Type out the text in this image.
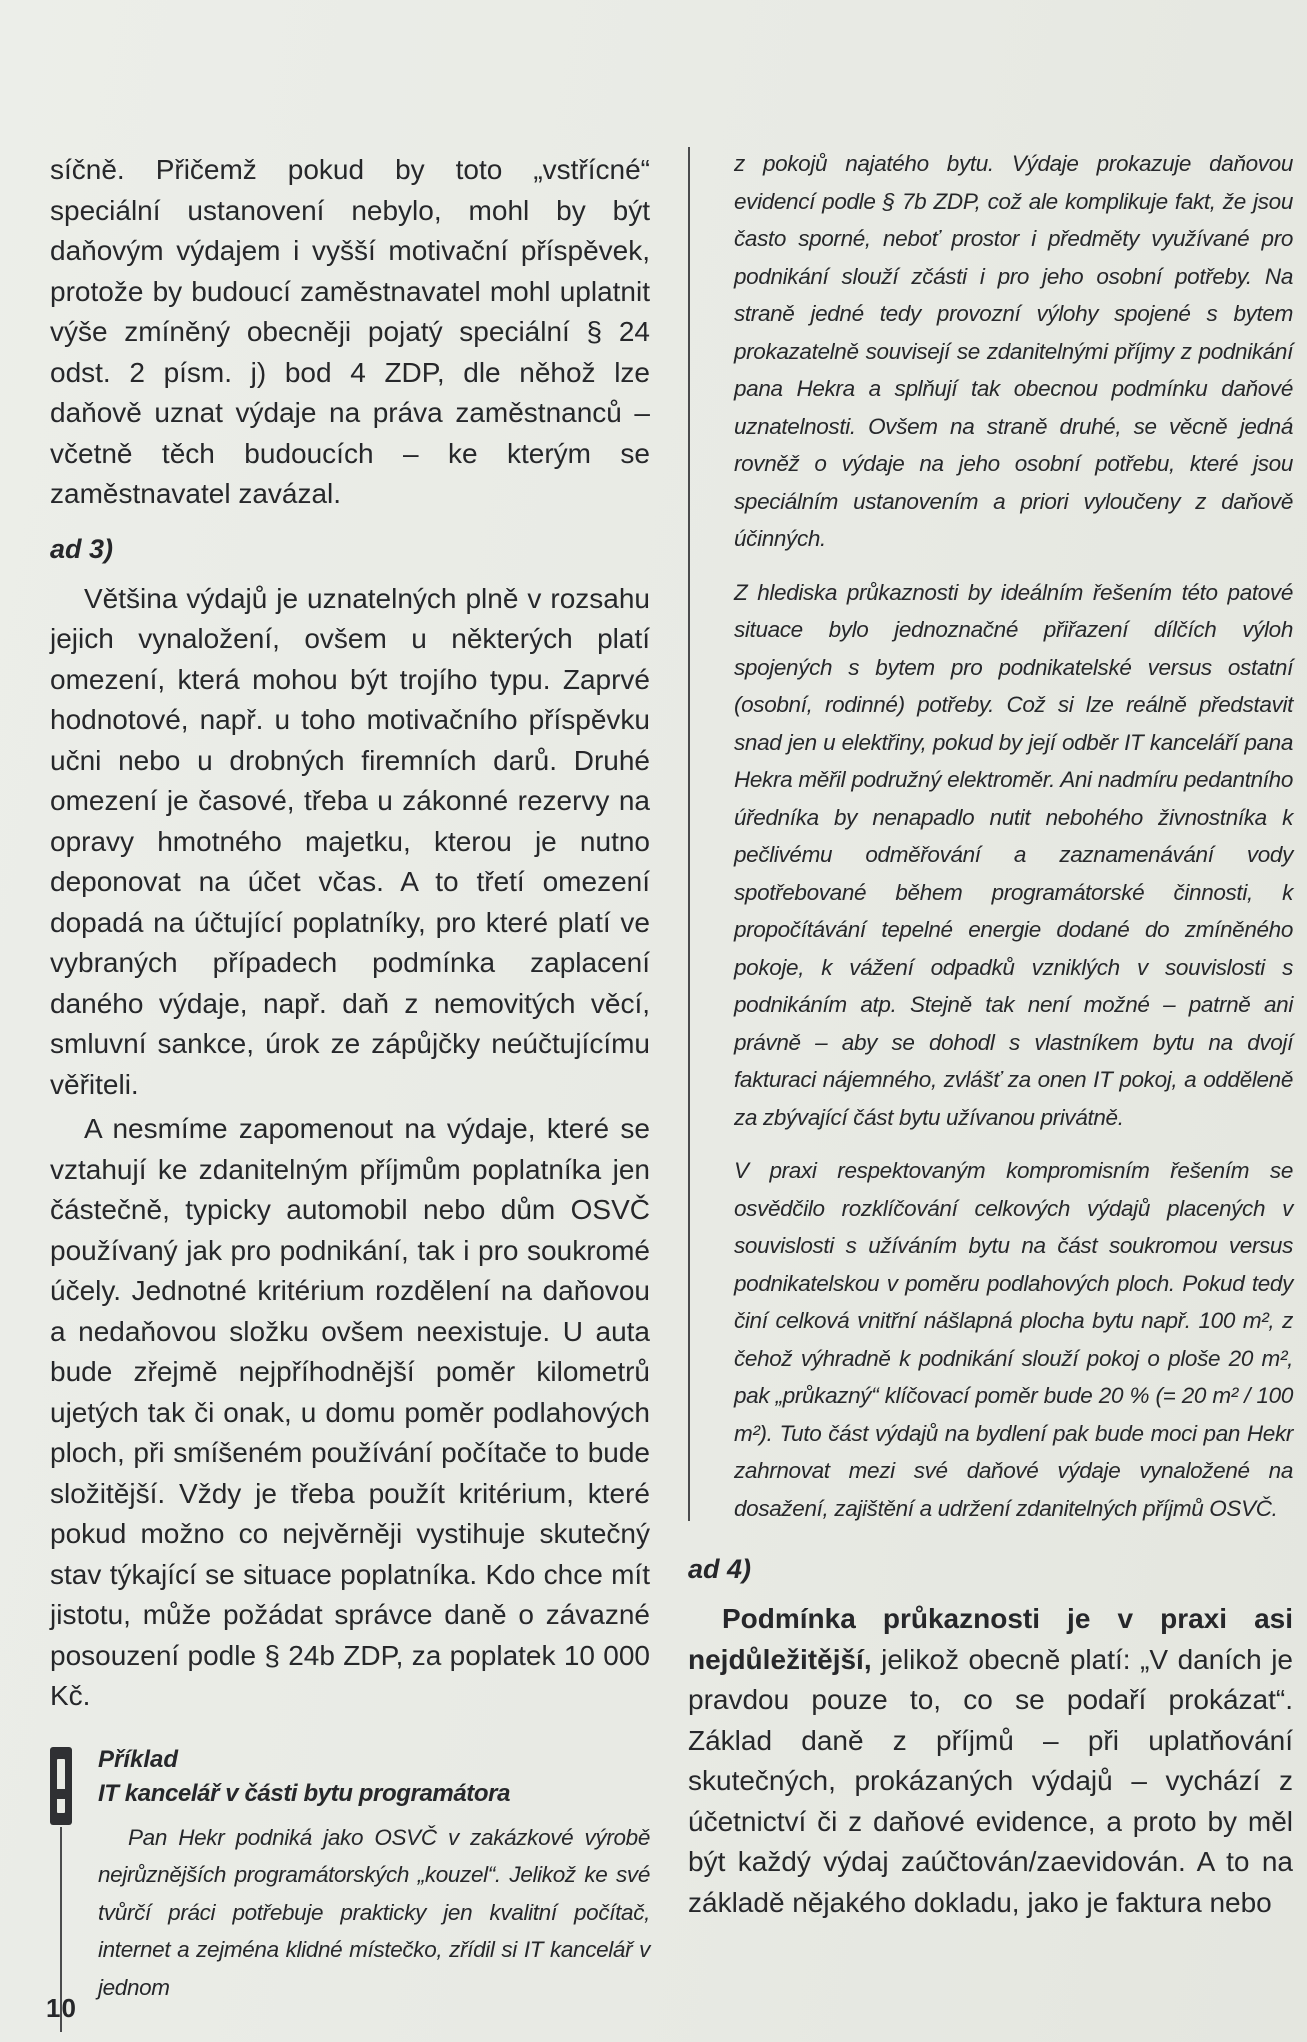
síčně. Přičemž pokud by toto „vstřícné“ speciální ustanovení nebylo, mohl by být daňovým výdajem i vyšší motivační příspěvek, protože by budoucí zaměstnavatel mohl uplatnit výše zmíněný obecněji pojatý speciální § 24 odst. 2 písm. j) bod 4 ZDP, dle něhož lze daňově uznat výdaje na práva zaměstnanců – včetně těch budoucích – ke kterým se zaměstnavatel zavázal.

ad 3)

Většina výdajů je uznatelných plně v rozsahu jejich vynaložení, ovšem u některých platí omezení, která mohou být trojího typu. Zaprvé hodnotové, např. u toho motivačního příspěvku učni nebo u drobných firemních darů. Druhé omezení je časové, třeba u zákonné rezervy na opravy hmotného majetku, kterou je nutno deponovat na účet včas. A to třetí omezení dopadá na účtující poplatníky, pro které platí ve vybraných případech podmínka zaplacení daného výdaje, např. daň z nemovitých věcí, smluvní sankce, úrok ze zápůjčky neúčtujícímu věřiteli.

A nesmíme zapomenout na výdaje, které se vztahují ke zdanitelným příjmům poplatníka jen částečně, typicky automobil nebo dům OSVČ používaný jak pro podnikání, tak i pro soukromé účely. Jednotné kritérium rozdělení na daňovou a nedaňovou složku ovšem neexistuje. U auta bude zřejmě nejpříhodnější poměr kilometrů ujetých tak či onak, u domu poměr podlahových ploch, při smíšeném používání počítače to bude složitější. Vždy je třeba použít kritérium, které pokud možno co nejvěrněji vystihuje skutečný stav týkající se situace poplatníka. Kdo chce mít jistotu, může požádat správce daně o závazné posouzení podle § 24b ZDP, za poplatek 10 000 Kč.

Příklad
IT kancelář v části bytu programátora

Pan Hekr podniká jako OSVČ v zakázkové výrobě nejrůznějších programátorských „kouzel“. Jelikož ke své tvůrčí práci potřebuje prakticky jen kvalitní počítač, internet a zejména klidné místečko, zřídil si IT kancelář v jednom

z pokojů najatého bytu. Výdaje prokazuje daňovou evidencí podle § 7b ZDP, což ale komplikuje fakt, že jsou často sporné, neboť prostor i předměty využívané pro podnikání slouží zčásti i pro jeho osobní potřeby. Na straně jedné tedy provozní výlohy spojené s bytem prokazatelně souvisejí se zdanitelnými příjmy z podnikání pana Hekra a splňují tak obecnou podmínku daňové uznatelnosti. Ovšem na straně druhé, se věcně jedná rovněž o výdaje na jeho osobní potřebu, které jsou speciálním ustanovením a priori vyloučeny z daňově účinných.

Z hlediska průkaznosti by ideálním řešením této patové situace bylo jednoznačné přiřazení dílčích výloh spojených s bytem pro podnikatelské versus ostatní (osobní, rodinné) potřeby. Což si lze reálně představit snad jen u elektřiny, pokud by její odběr IT kanceláří pana Hekra měřil podružný elektroměr. Ani nadmíru pedantního úředníka by nenapadlo nutit nebohého živnostníka k pečlivému odměřování a zaznamenávání vody spotřebované během programátorské činnosti, k propočítávání tepelné energie dodané do zmíněného pokoje, k vážení odpadků vzniklých v souvislosti s podnikáním atp. Stejně tak není možné – patrně ani právně – aby se dohodl s vlastníkem bytu na dvojí fakturaci nájemného, zvlášť za onen IT pokoj, a odděleně za zbývající část bytu užívanou privátně.

V praxi respektovaným kompromisním řešením se osvědčilo rozklíčování celkových výdajů placených v souvislosti s užíváním bytu na část soukromou versus podnikatelskou v poměru podlahových ploch. Pokud tedy činí celková vnitřní nášlapná plocha bytu např. 100 m², z čehož výhradně k podnikání slouží pokoj o ploše 20 m², pak „průkazný“ klíčovací poměr bude 20 % (= 20 m² / 100 m²). Tuto část výdajů na bydlení pak bude moci pan Hekr zahrnovat mezi své daňové výdaje vynaložené na dosažení, zajištění a udržení zdanitelných příjmů OSVČ.

ad 4)

Podmínka průkaznosti je v praxi asi nejdůležitější, jelikož obecně platí: „V daních je pravdou pouze to, co se podaří prokázat“. Základ daně z příjmů – při uplatňování skutečných, prokázaných výdajů – vychází z účetnictví či z daňové evidence, a proto by měl být každý výdaj zaúčtován/zaevidován. A to na základě nějakého dokladu, jako je faktura nebo

10
